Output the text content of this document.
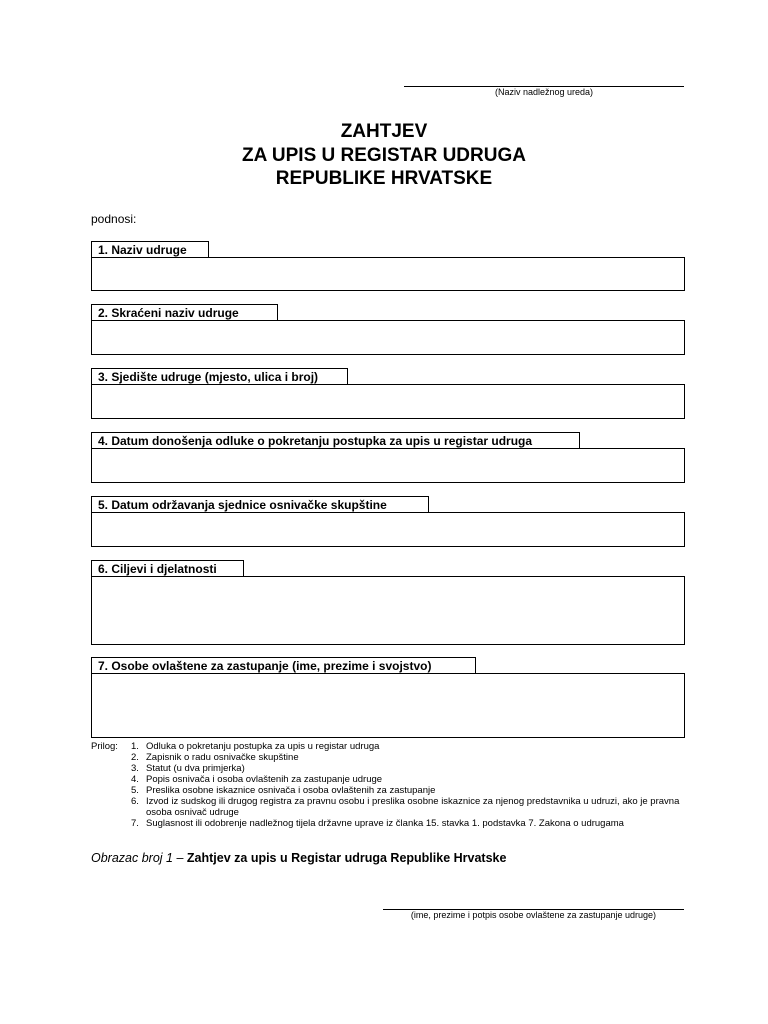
(Naziv nadležnog ureda)
ZAHTJEV
ZA UPIS U REGISTAR UDRUGA
REPUBLIKE HRVATSKE
podnosi:
1. Naziv udruge
2. Skraćeni naziv udruge
3. Sjedište udruge (mjesto, ulica i broj)
4. Datum donošenja odluke o pokretanju postupka za upis u registar udruga
5. Datum održavanja sjednice osnivačke skupštine
6. Ciljevi i djelatnosti
7. Osobe ovlaštene za zastupanje (ime, prezime i svojstvo)
Prilog: 1. Odluka o pokretanju postupka za upis u registar udruga
2. Zapisnik o radu osnivačke skupštine
3. Statut (u dva primjerka)
4. Popis osnivača i osoba ovlaštenih za zastupanje udruge
5. Preslika osobne iskaznice osnivača i osoba ovlaštenih za zastupanje
6. Izvod iz sudskog ili drugog registra za pravnu osobu i preslika osobne iskaznice za njenog predstavnika u udruzi, ako je pravna osoba osnivač udruge
7. Suglasnost ili odobrenje nadležnog tijela državne uprave iz članka 15. stavka 1. podstavka 7. Zakona o udrugama
Obrazac broj 1 – Zahtjev za upis u Registar udruga Republike Hrvatske
(ime, prezime i potpis osobe ovlaštene za zastupanje udruge)
